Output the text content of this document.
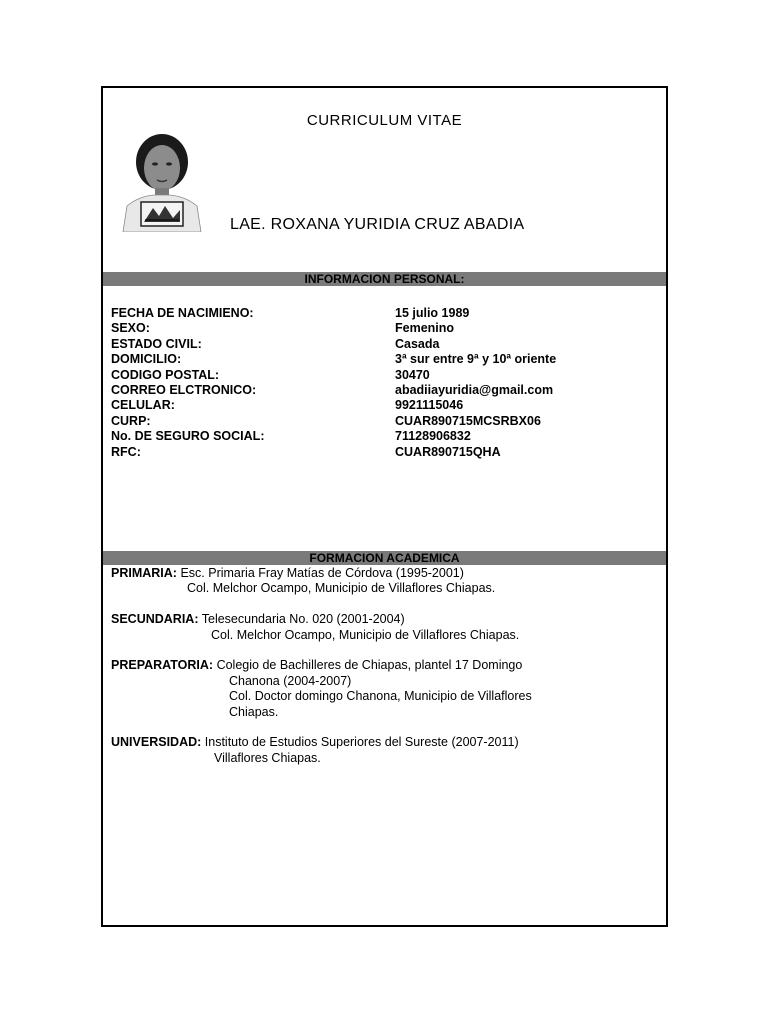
CURRICULUM VITAE
LAE. ROXANA YURIDIA CRUZ ABADIA
INFORMACION PERSONAL:
FECHA DE NACIMIENO:	15 julio 1989
SEXO:	Femenino
ESTADO CIVIL:	Casada
DOMICILIO:	3ª sur entre 9ª y 10ª oriente
CODIGO POSTAL:	30470
CORREO ELCTRONICO:	abadiiayuridia@gmail.com
CELULAR:	9921115046
CURP:	CUAR890715MCSRBX06
No. DE SEGURO SOCIAL:	71128906832
RFC:	CUAR890715QHA
FORMACION ACADEMICA
PRIMARIA: Esc. Primaria Fray Matías de Córdova (1995-2001)
Col. Melchor Ocampo, Municipio de Villaflores Chiapas.
SECUNDARIA: Telesecundaria No. 020 (2001-2004)
Col. Melchor Ocampo, Municipio de Villaflores Chiapas.
PREPARATORIA: Colegio de Bachilleres de Chiapas, plantel 17 Domingo
Chanona (2004-2007)
Col. Doctor domingo Chanona, Municipio de Villaflores
Chiapas.
UNIVERSIDAD: Instituto de Estudios Superiores del Sureste (2007-2011)
Villaflores Chiapas.
